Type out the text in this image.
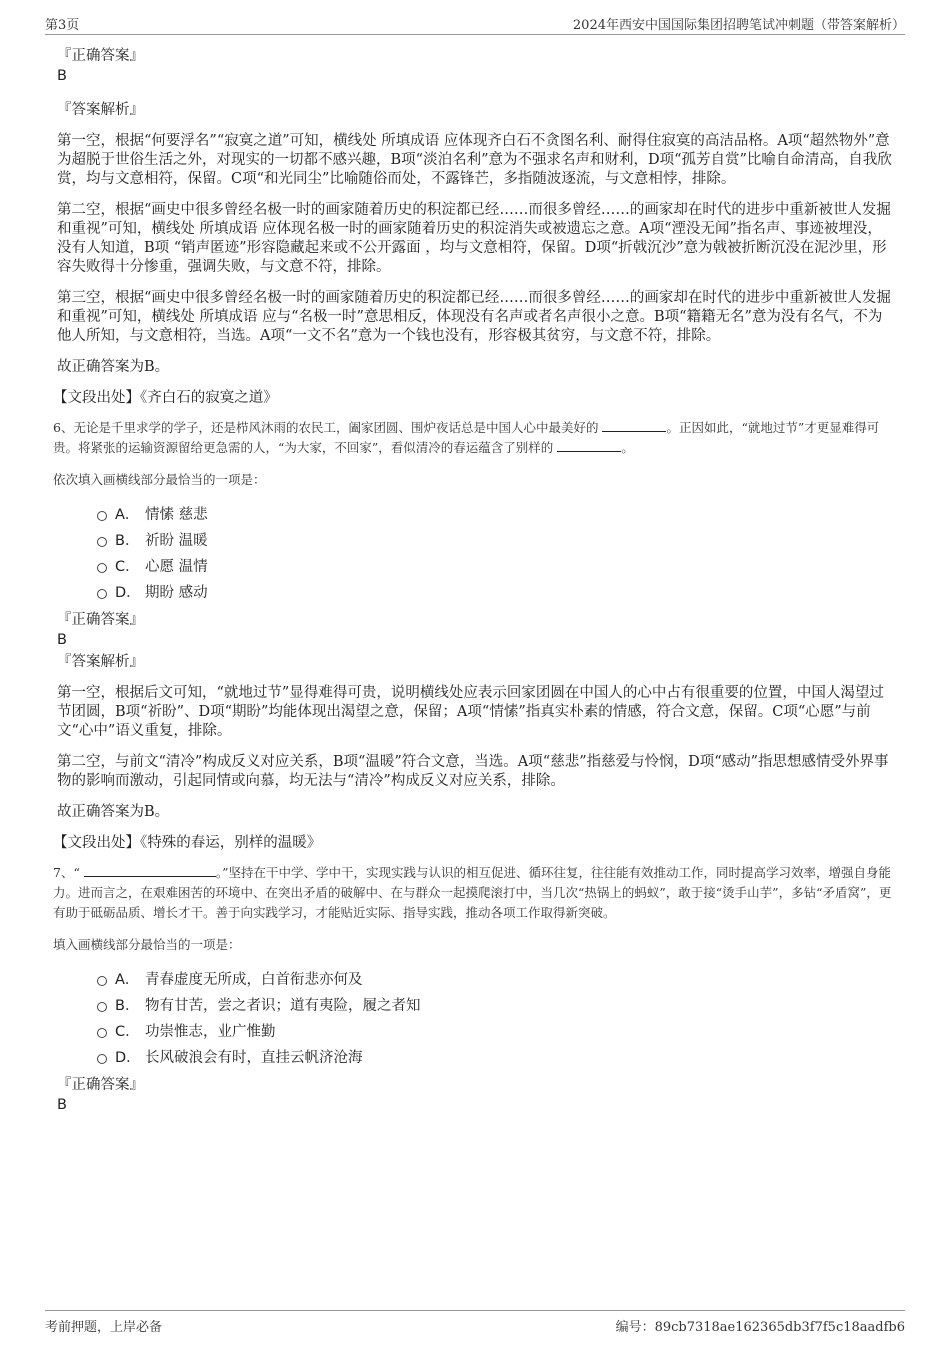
第3页	2024年西安中国国际集团招聘笔试冲刺题（带答案解析）

『正确答案』

B

『答案解析』

第一空，根据“何要浮名”“寂寞之道”可知，横线处 所填成语 应体现齐白石不贪图名利、耐得住寂寞的高洁品格。A项“超然物外”意为超脱于世俗生活之外，对现实的一切都不感兴趣，B项“淡泊名利”意为不强求名声和财利，D项“孤芳自赏”比喻自命清高，自我欣赏，均与文意相符，保留。C项“和光同尘”比喻随俗而处，不露锋芒，多指随波逐流，与文意相悖，排除。

第二空，根据“画史中很多曾经名极一时的画家随着历史的积淀都已经……而很多曾经……的画家却在时代的进步中重新被世人发掘和重视”可知，横线处 所填成语 应体现名极一时的画家随着历史的积淀消失或被遗忘之意。A项“湮没无闻”指名声、事迹被埋没，没有人知道，B项 “销声匿迹”形容隐藏起来或不公开露面 ，均与文意相符，保留。D项“折戟沉沙”意为戟被折断沉没在泥沙里，形容失败得十分惨重，强调失败，与文意不符，排除。

第三空，根据“画史中很多曾经名极一时的画家随着历史的积淀都已经……而很多曾经……的画家却在时代的进步中重新被世人发掘和重视”可知，横线处 所填成语 应与“名极一时”意思相反，体现没有名声或者名声很小之意。B项“籍籍无名”意为没有名气，不为他人所知，与文意相符，当选。A项“一文不名”意为一个钱也没有，形容极其贫穷，与文意不符，排除。

故正确答案为B。

【文段出处】《齐白石的寂寞之道》

6、无论是千里求学的学子，还是栉风沐雨的农民工，阖家团圆、围炉夜话总是中国人心中最美好的	。正因如此，“就地过节”才更显难得可贵。将紧张的运输资源留给更急需的人，“为大家，不回家”，看似清冷的春运蕴含了别样的	。

依次填入画横线部分最恰当的一项是：

A． 情愫 慈悲
B． 祈盼 温暖
C． 心愿 温情
D． 期盼 感动

『正确答案』

B

『答案解析』

第一空，根据后文可知，“就地过节”显得难得可贵，说明横线处应表示回家团圆在中国人的心中占有很重要的位置，中国人渴望过节团圆，B项“祈盼”、D项“期盼”均能体现出渴望之意，保留；A项“情愫”指真实朴素的情感，符合文意，保留。C项“心愿”与前文“心中”语义重复，排除。

第二空，与前文“清冷”构成反义对应关系，B项“温暖”符合文意，当选。A项“慈悲”指慈爱与怜悯，D项“感动”指思想感情受外界事物的影响而激动，引起同情或向慕，均无法与“清冷”构成反义对应关系，排除。

故正确答案为B。

【文段出处】《特殊的春运，别样的温暖》

7、“	。”坚持在干中学、学中干，实现实践与认识的相互促进、循环往复，往往能有效推动工作，同时提高学习效率，增强自身能力。进而言之，在艰难困苦的环境中、在突出矛盾的破解中、在与群众一起摸爬滚打中，当几次“热锅上的蚂蚁”，敢于接“烫手山芋”，多钻“矛盾窝”，更有助于砥砺品质、增长才干。善于向实践学习，才能贴近实际、指导实践，推动各项工作取得新突破。

填入画横线部分最恰当的一项是：

A． 青春虚度无所成，白首衔悲亦何及
B． 物有甘苦，尝之者识；道有夷险，履之者知
C． 功崇惟志，业广惟勤
D． 长风破浪会有时，直挂云帆济沧海

『正确答案』

B

考前押题，上岸必备	编号：89cb7318ae162365db3f7f5c18aadfb6
